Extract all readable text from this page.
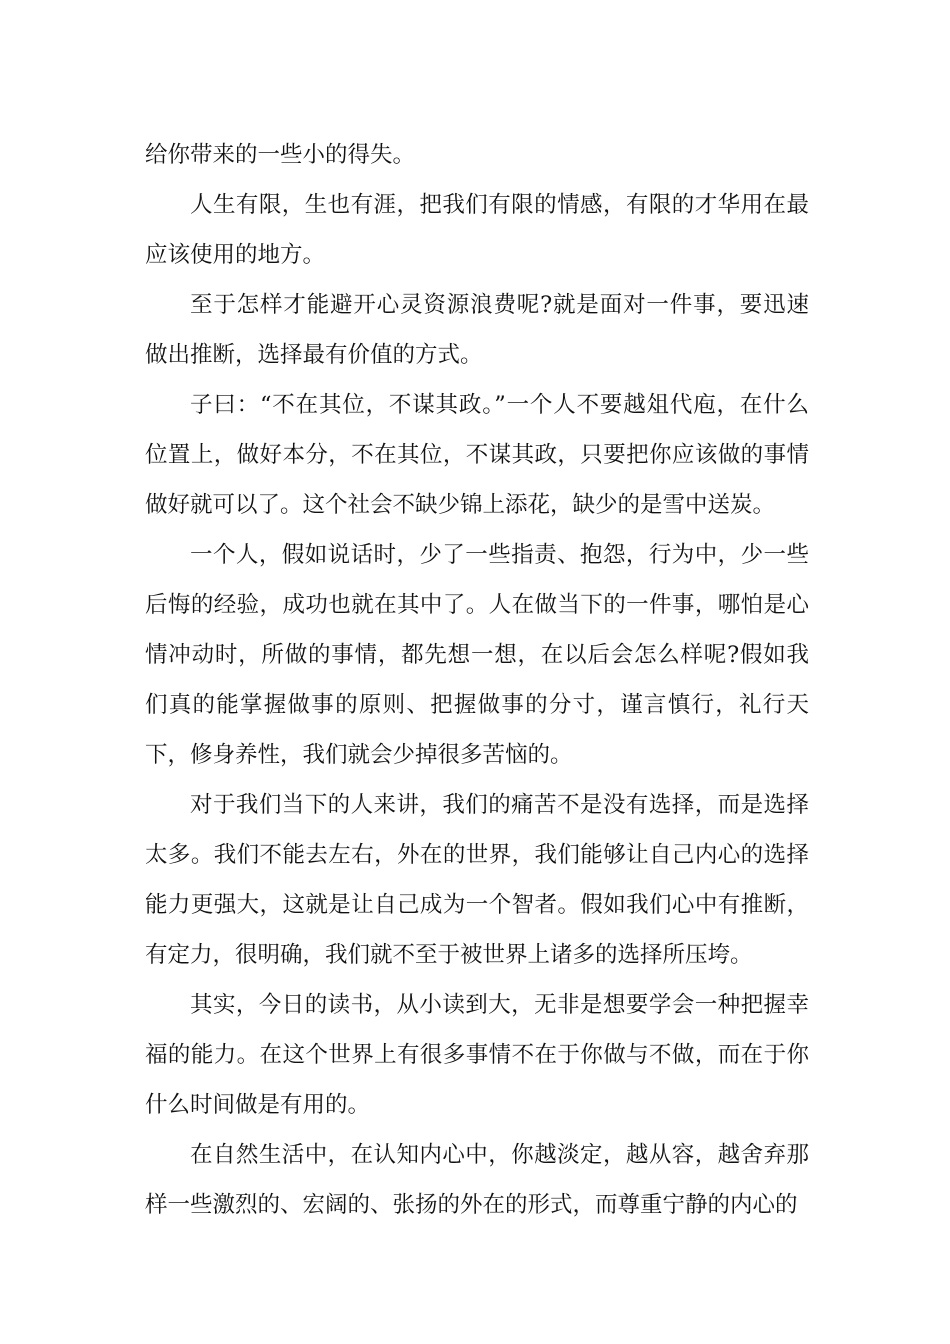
给你带来的一些小的得失。

人生有限，生也有涯，把我们有限的情感，有限的才华用在最应该使用的地方。

至于怎样才能避开心灵资源浪费呢?就是面对一件事，要迅速做出推断，选择最有价值的方式。

子曰：“不在其位，不谋其政。”一个人不要越俎代庖，在什么位置上，做好本分，不在其位，不谋其政，只要把你应该做的事情做好就可以了。这个社会不缺少锦上添花，缺少的是雪中送炭。

一个人，假如说话时，少了一些指责、抱怨，行为中，少一些后悔的经验，成功也就在其中了。人在做当下的一件事，哪怕是心情冲动时，所做的事情，都先想一想，在以后会怎么样呢?假如我们真的能掌握做事的原则、把握做事的分寸，谨言慎行，礼行天下，修身养性，我们就会少掉很多苦恼的。

对于我们当下的人来讲，我们的痛苦不是没有选择，而是选择太多。我们不能去左右，外在的世界，我们能够让自己内心的选择能力更强大，这就是让自己成为一个智者。假如我们心中有推断，有定力，很明确，我们就不至于被世界上诸多的选择所压垮。

其实，今日的读书，从小读到大，无非是想要学会一种把握幸福的能力。在这个世界上有很多事情不在于你做与不做，而在于你什么时间做是有用的。

在自然生活中，在认知内心中，你越淡定，越从容，越舍弃那样一些激烈的、宏阔的、张扬的外在的形式，而尊重宁静的内心的
